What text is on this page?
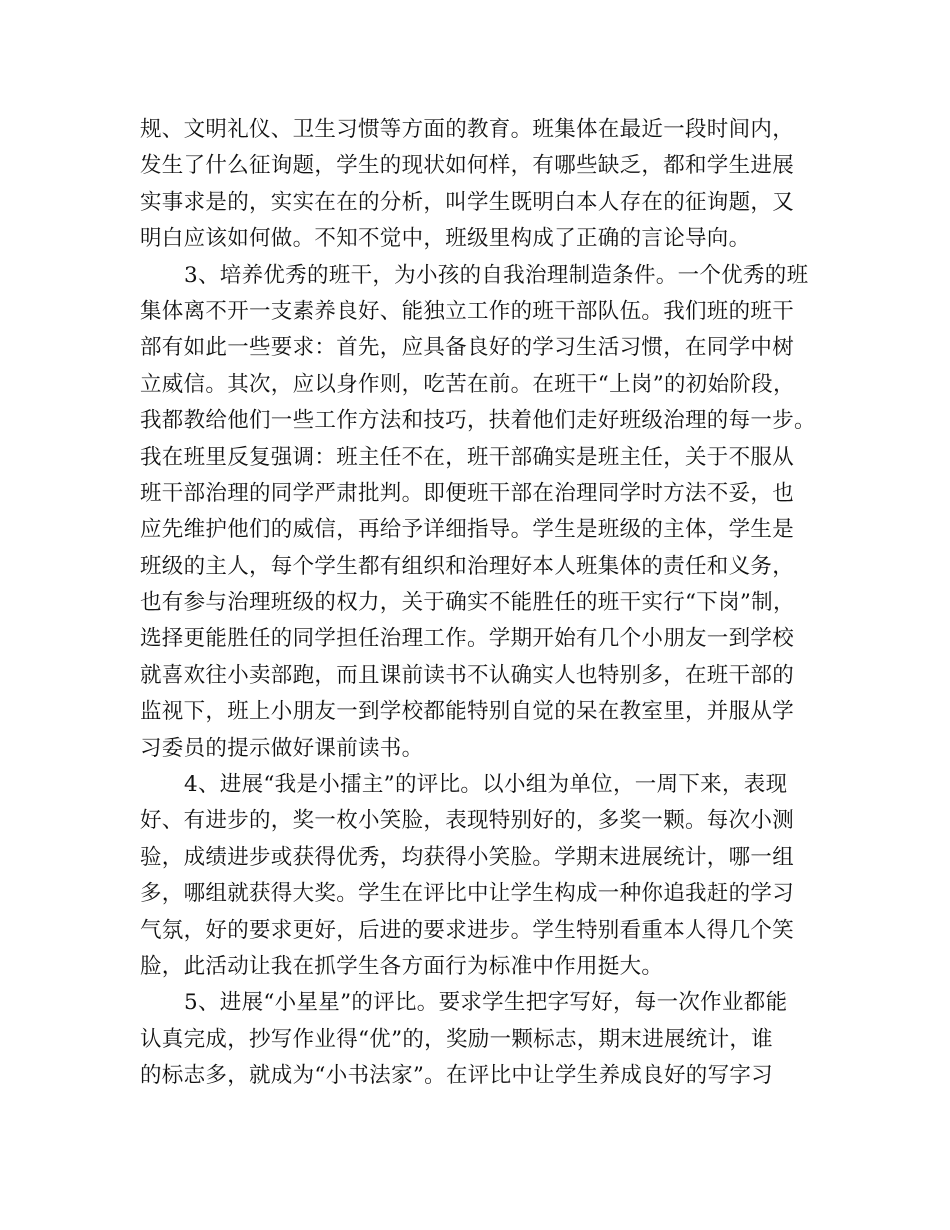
规、文明礼仪、卫生习惯等方面的教育。班集体在最近一段时间内，
发生了什么征询题，学生的现状如何样，有哪些缺乏，都和学生进展
实事求是的，实实在在的分析，叫学生既明白本人存在的征询题，又
明白应该如何做。不知不觉中，班级里构成了正确的言论导向。
3、培养优秀的班干，为小孩的自我治理制造条件。一个优秀的班
集体离不开一支素养良好、能独立工作的班干部队伍。我们班的班干
部有如此一些要求：首先，应具备良好的学习生活习惯，在同学中树
立威信。其次，应以身作则，吃苦在前。在班干“上岗”的初始阶段，
我都教给他们一些工作方法和技巧，扶着他们走好班级治理的每一步。
我在班里反复强调：班主任不在，班干部确实是班主任，关于不服从
班干部治理的同学严肃批判。即便班干部在治理同学时方法不妥，也
应先维护他们的威信，再给予详细指导。学生是班级的主体，学生是
班级的主人，每个学生都有组织和治理好本人班集体的责任和义务，
也有参与治理班级的权力，关于确实不能胜任的班干实行“下岗”制，
选择更能胜任的同学担任治理工作。学期开始有几个小朋友一到学校
就喜欢往小卖部跑，而且课前读书不认确实人也特别多，在班干部的
监视下，班上小朋友一到学校都能特别自觉的呆在教室里，并服从学
习委员的提示做好课前读书。
4、进展“我是小擂主”的评比。以小组为单位，一周下来，表现
好、有进步的，奖一枚小笑脸，表现特别好的，多奖一颗。每次小测
验，成绩进步或获得优秀，均获得小笑脸。学期末进展统计，哪一组
多，哪组就获得大奖。学生在评比中让学生构成一种你追我赶的学习
气氛，好的要求更好，后进的要求进步。学生特别看重本人得几个笑
脸，此活动让我在抓学生各方面行为标准中作用挺大。
5、进展“小星星”的评比。要求学生把字写好，每一次作业都能
认真完成，抄写作业得“优”的，奖励一颗标志，期末进展统计，谁
的标志多，就成为“小书法家”。在评比中让学生养成良好的写字习
